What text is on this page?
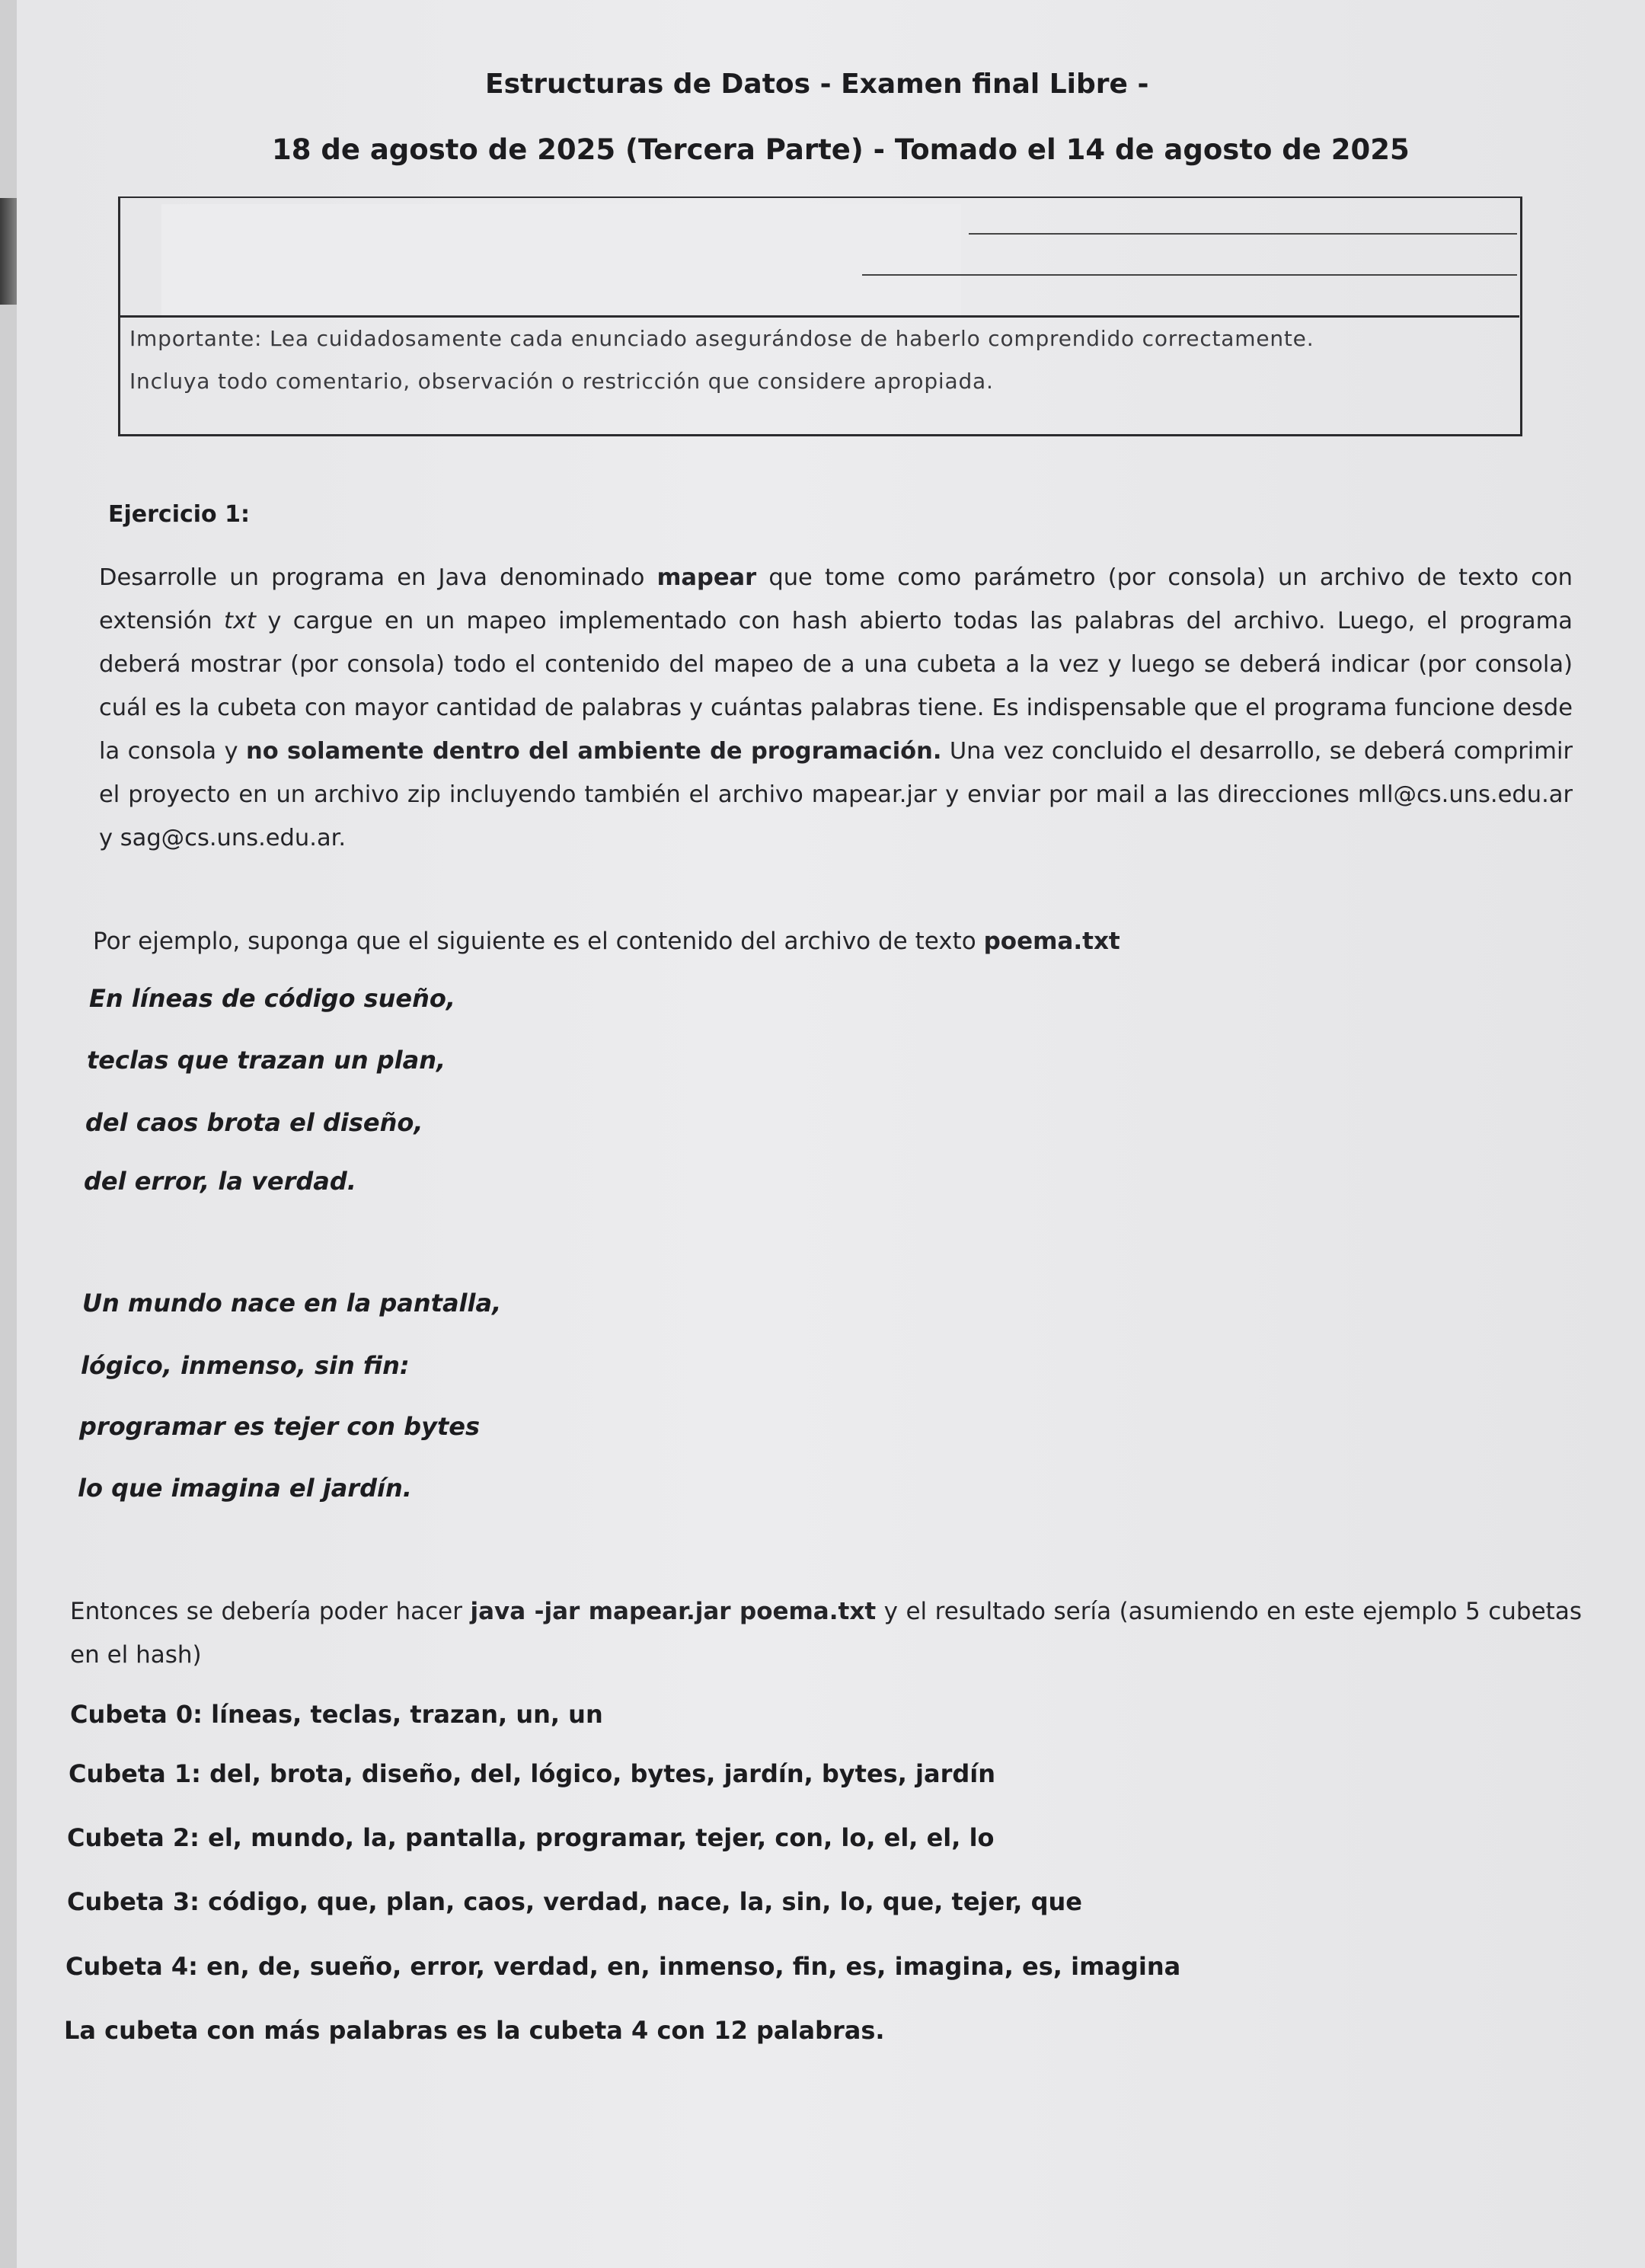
Estructuras de Datos - Examen final Libre -

18 de agosto de 2025 (Tercera Parte) - Tomado el 14 de agosto de 2025

Importante: Lea cuidadosamente cada enunciado asegurándose de haberlo comprendido correctamente.

Incluya todo comentario, observación o restricción que considere apropiada.

Ejercicio 1:

Desarrolle un programa en Java denominado mapear que tome como parámetro (por consola) un archivo de texto con extensión txt y cargue en un mapeo implementado con hash abierto todas las palabras del archivo. Luego, el programa deberá mostrar (por consola) todo el contenido del mapeo de a una cubeta a la vez y luego se deberá indicar (por consola) cuál es la cubeta con mayor cantidad de palabras y cuántas palabras tiene. Es indispensable que el programa funcione desde la consola y no solamente dentro del ambiente de programación. Una vez concluido el desarrollo, se deberá comprimir el proyecto en un archivo zip incluyendo también el archivo mapear.jar y enviar por mail a las direcciones mll@cs.uns.edu.ar y sag@cs.uns.edu.ar.

Por ejemplo, suponga que el siguiente es el contenido del archivo de texto poema.txt

En líneas de código sueño,

teclas que trazan un plan,

del caos brota el diseño,

del error, la verdad.

Un mundo nace en la pantalla,

lógico, inmenso, sin fin:

programar es tejer con bytes

lo que imagina el jardín.

Entonces se debería poder hacer java -jar mapear.jar poema.txt y el resultado sería (asumiendo en este ejemplo 5 cubetas en el hash)

Cubeta 0: líneas, teclas, trazan, un, un

Cubeta 1: del, brota, diseño, del, lógico, bytes, jardín, bytes, jardín

Cubeta 2: el, mundo, la, pantalla, programar, tejer, con, lo, el, el, lo

Cubeta 3: código, que, plan, caos, verdad, nace, la, sin, lo, que, tejer, que

Cubeta 4: en, de, sueño, error, verdad, en, inmenso, fin, es, imagina, es, imagina

La cubeta con más palabras es la cubeta 4 con 12 palabras.
